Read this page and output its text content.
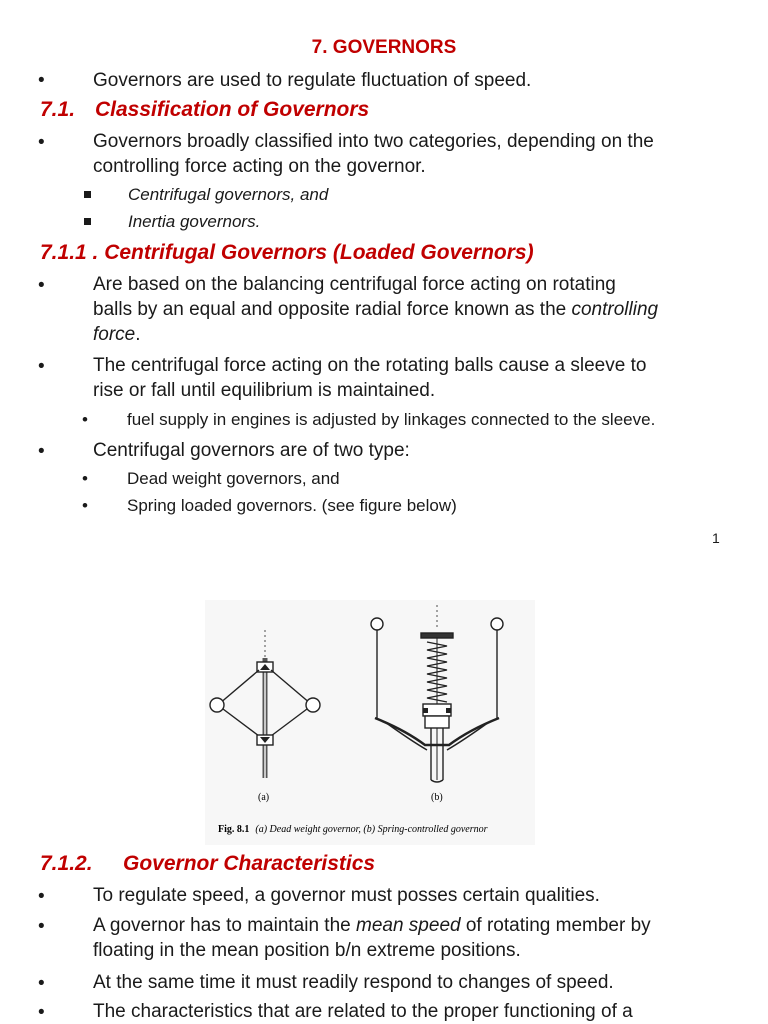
7. GOVERNORS
•	Governors are used to regulate fluctuation of speed.
7.1. Classification of Governors
•	Governors broadly classified into two categories, depending on the
controlling force acting on the governor.
Centrifugal governors, and
Inertia governors.
7.1.1 . Centrifugal Governors (Loaded Governors)
•	Are based on the balancing centrifugal force acting on rotating
balls by an equal and opposite radial force known as the controlling
force.
•	The centrifugal force acting on the rotating balls cause a sleeve to
rise or fall until equilibrium is maintained.
• fuel supply in engines is adjusted by linkages connected to the sleeve.
•	Centrifugal governors are of two type:
• Dead weight governors, and
• Spring loaded governors. (see figure below)
1
(a)	(b)
Fig. 8.1 (a) Dead weight governor, (b) Spring-controlled governor
7.1.2. Governor Characteristics
•	To regulate speed, a governor must posses certain qualities.
•	A governor has to maintain the mean speed of rotating member by
floating in the mean position b/n extreme positions.
•	At the same time it must readily respond to changes of speed.
•	The characteristics that are related to the proper functioning of a
